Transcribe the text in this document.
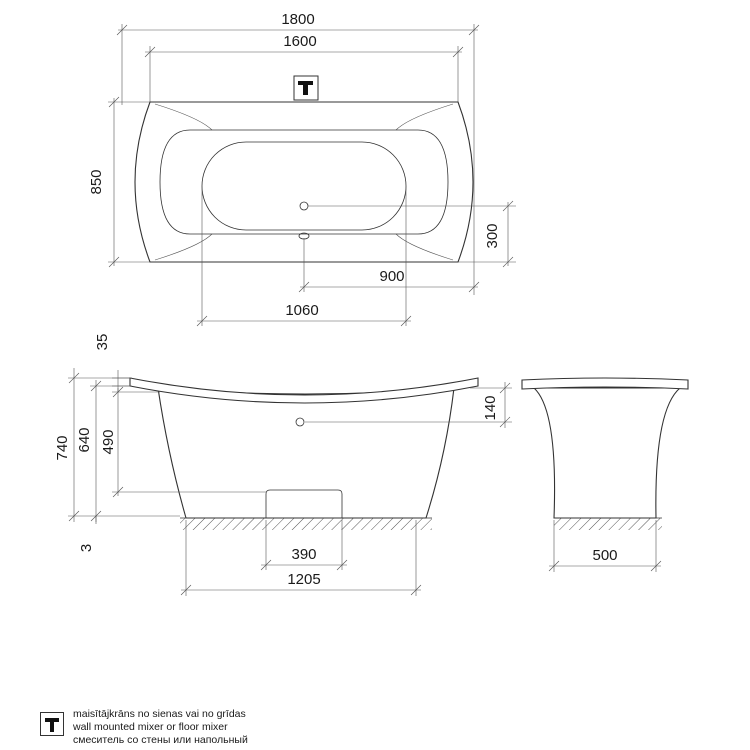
1800
1600
850
300
900
1060
35
740 640 490
3
140
390
1205
500
maisītājkrāns no sienas vai no grīdas
wall mounted mixer or floor mixer
смеситель со стены или напольный
